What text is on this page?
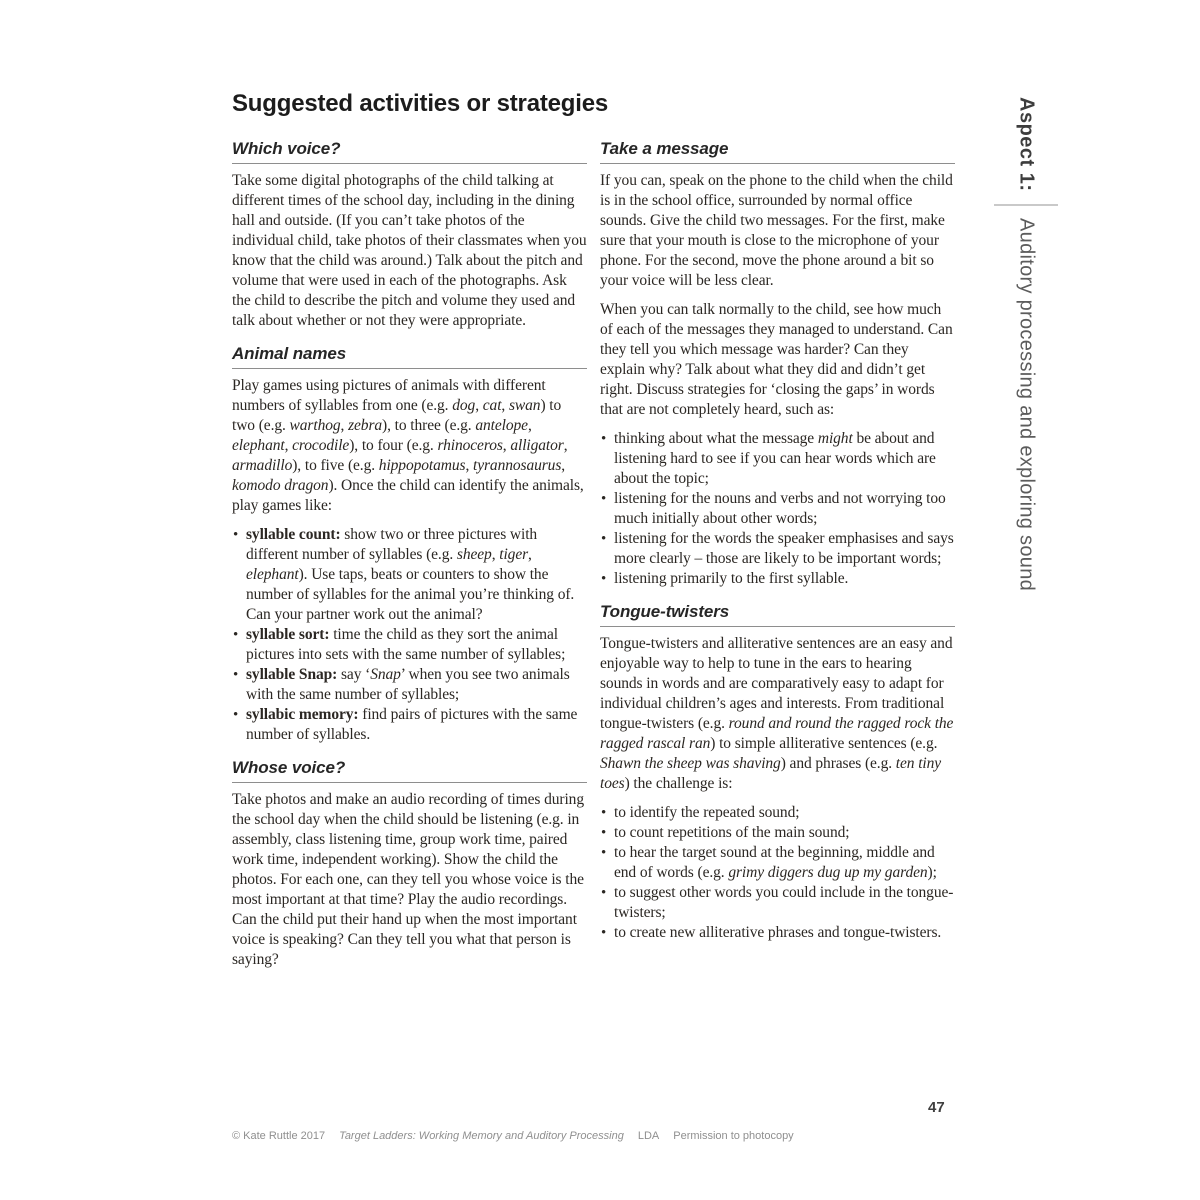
Suggested activities or strategies
Which voice?

Take some digital photographs of the child talking at different times of the school day, including in the dining hall and outside. (If you can’t take photos of the individual child, take photos of their classmates when you know that the child was around.) Talk about the pitch and volume that were used in each of the photographs. Ask the child to describe the pitch and volume they used and talk about whether or not they were appropriate.

Animal names

Play games using pictures of animals with different numbers of syllables from one (e.g. dog, cat, swan) to two (e.g. warthog, zebra), to three (e.g. antelope, elephant, crocodile), to four (e.g. rhinoceros, alligator, armadillo), to five (e.g. hippopotamus, tyrannosaurus, komodo dragon). Once the child can identify the animals, play games like:

• syllable count: show two or three pictures with different number of syllables (e.g. sheep, tiger, elephant). Use taps, beats or counters to show the number of syllables for the animal you’re thinking of. Can your partner work out the animal?
• syllable sort: time the child as they sort the animal pictures into sets with the same number of syllables;
• syllable Snap: say ‘Snap’ when you see two animals with the same number of syllables;
• syllabic memory: find pairs of pictures with the same number of syllables.
Whose voice?

Take photos and make an audio recording of times during the school day when the child should be listening (e.g. in assembly, class listening time, group work time, paired work time, independent working). Show the child the photos. For each one, can they tell you whose voice is the most important at that time? Play the audio recordings. Can the child put their hand up when the most important voice is speaking? Can they tell you what that person is saying?

Take a message

If you can, speak on the phone to the child when the child is in the school office, surrounded by normal office sounds. Give the child two messages. For the first, make sure that your mouth is close to the microphone of your phone. For the second, move the phone around a bit so your voice will be less clear.

When you can talk normally to the child, see how much of each of the messages they managed to understand. Can they tell you which message was harder? Can they explain why? Talk about what they did and didn’t get right. Discuss strategies for ‘closing the gaps’ in words that are not completely heard, such as:

• thinking about what the message might be about and listening hard to see if you can hear words which are about the topic;
• listening for the nouns and verbs and not worrying too much initially about other words;
• listening for the words the speaker emphasises and says more clearly – those are likely to be important words;
• listening primarily to the first syllable.
Tongue-twisters

Tongue-twisters and alliterative sentences are an easy and enjoyable way to help to tune in the ears to hearing sounds in words and are comparatively easy to adapt for individual children’s ages and interests. From traditional tongue-twisters (e.g. round and round the ragged rock the ragged rascal ran) to simple alliterative sentences (e.g. Shawn the sheep was shaving) and phrases (e.g. ten tiny toes) the challenge is:

• to identify the repeated sound;
• to count repetitions of the main sound;
• to hear the target sound at the beginning, middle and end of words (e.g. grimy diggers dug up my garden);
• to suggest other words you could include in the tongue-twisters;
• to create new alliterative phrases and tongue-twisters.
Aspect 1:
Auditory processing and exploring sound
47
© Kate Ruttle 2017 Target Ladders: Working Memory and Auditory Processing LDA Permission to photocopy
